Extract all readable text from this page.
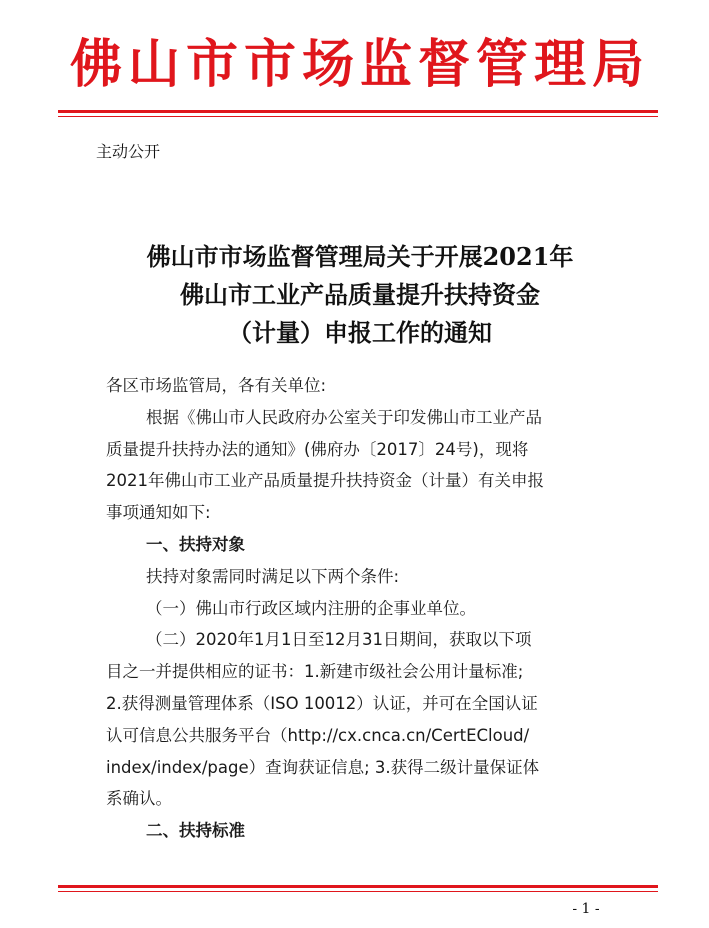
佛山市市场监督管理局
主动公开
佛山市市场监督管理局关于开展2021年
佛山市工业产品质量提升扶持资金
（计量）申报工作的通知
各区市场监管局，各有关单位:
根据《佛山市人民政府办公室关于印发佛山市工业产品
质量提升扶持办法的通知》(佛府办〔2017〕24号)，现将
2021年佛山市工业产品质量提升扶持资金（计量）有关申报
事项通知如下:
一、扶持对象
扶持对象需同时满足以下两个条件:
（一）佛山市行政区域内注册的企事业单位。
（二）2020年1月1日至12月31日期间，获取以下项
目之一并提供相应的证书：1.新建市级社会公用计量标准;
2.获得测量管理体系（ISO 10012）认证，并可在全国认证
认可信息公共服务平台（http://cx.cnca.cn/CertECloud/
index/index/page）查询获证信息; 3.获得二级计量保证体
系确认。
二、扶持标准
- 1 -
